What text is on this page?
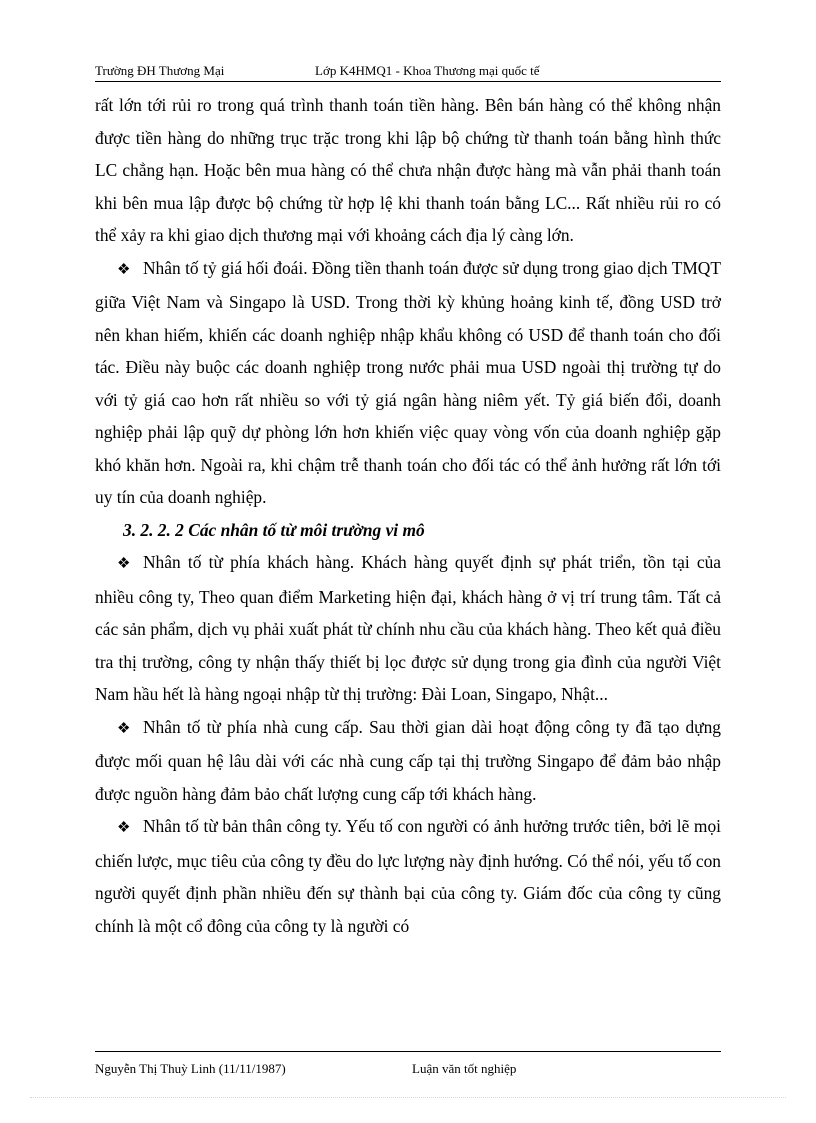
Trường ĐH Thương Mại	Lớp K4HMQ1 - Khoa Thương mại quốc tế

rất lớn tới rủi ro trong quá trình thanh toán tiền hàng. Bên bán hàng có thể không nhận được tiền hàng do những trục trặc trong khi lập bộ chứng từ thanh toán bằng hình thức LC chẳng hạn. Hoặc bên mua hàng có thể chưa nhận được hàng mà vẫn phải thanh toán khi bên mua lập được bộ chứng từ hợp lệ khi thanh toán bằng LC... Rất nhiều rủi ro có thể xảy ra khi giao dịch thương mại với khoảng cách địa lý càng lớn.

❖ Nhân tố tỷ giá hối đoái. Đồng tiền thanh toán được sử dụng trong giao dịch TMQT giữa Việt Nam và Singapo là USD. Trong thời kỳ khủng hoảng kinh tế, đồng USD trở nên khan hiếm, khiến các doanh nghiệp nhập khẩu không có USD để thanh toán cho đối tác. Điều này buộc các doanh nghiệp trong nước phải mua USD ngoài thị trường tự do với tỷ giá cao hơn rất nhiều so với tỷ giá ngân hàng niêm yết. Tỷ giá biến đổi, doanh nghiệp phải lập quỹ dự phòng lớn hơn khiến việc quay vòng vốn của doanh nghiệp gặp khó khăn hơn. Ngoài ra, khi chậm trễ thanh toán cho đối tác có thể ảnh hưởng rất lớn tới uy tín của doanh nghiệp.

3. 2. 2. 2 Các nhân tố từ môi trường vi mô

❖ Nhân tố từ phía khách hàng. Khách hàng quyết định sự phát triển, tồn tại của nhiều công ty, Theo quan điểm Marketing hiện đại, khách hàng ở vị trí trung tâm. Tất cả các sản phẩm, dịch vụ phải xuất phát từ chính nhu cầu của khách hàng. Theo kết quả điều tra thị trường, công ty nhận thấy thiết bị lọc được sử dụng trong gia đình của người Việt Nam hầu hết là hàng ngoại nhập từ thị trường: Đài Loan, Singapo, Nhật...

❖ Nhân tố từ phía nhà cung cấp. Sau thời gian dài hoạt động công ty đã tạo dựng được mối quan hệ lâu dài với các nhà cung cấp tại thị trường Singapo để đảm bảo nhập được nguồn hàng đảm bảo chất lượng cung cấp tới khách hàng.

❖ Nhân tố từ bản thân công ty. Yếu tố con người có ảnh hưởng trước tiên, bởi lẽ mọi chiến lược, mục tiêu của công ty đều do lực lượng này định hướng. Có thể nói, yếu tố con người quyết định phần nhiều đến sự thành bại của công ty. Giám đốc của công ty cũng chính là một cổ đông của công ty là người có

Nguyễn Thị Thuỳ Linh (11/11/1987)	Luận văn tốt nghiệp
